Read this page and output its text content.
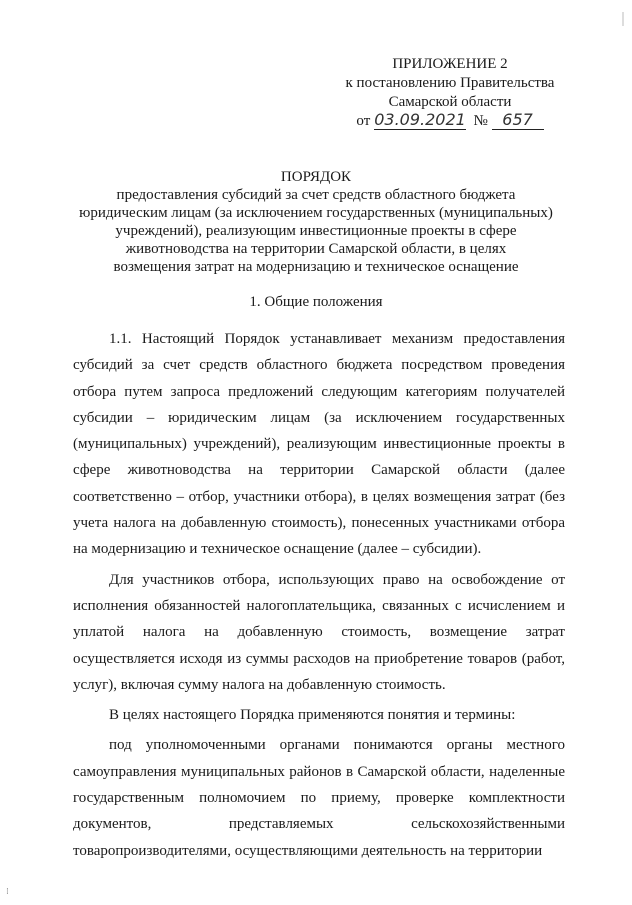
ПРИЛОЖЕНИЕ 2
к постановлению Правительства
Самарской области
от 03.09.2021 № 657
ПОРЯДОК
предоставления субсидий за счет средств областного бюджета
юридическим лицам (за исключением государственных (муниципальных)
учреждений), реализующим инвестиционные проекты в сфере
животноводства на территории Самарской области, в целях
возмещения затрат на модернизацию и техническое оснащение
1. Общие положения

1.1. Настоящий Порядок устанавливает механизм предоставления субсидий за счет средств областного бюджета посредством проведения отбора путем запроса предложений следующим категориям получателей субсидии – юридическим лицам (за исключением государственных (муниципальных) учреждений), реализующим инвестиционные проекты в сфере животноводства на территории Самарской области (далее соответственно – отбор, участники отбора), в целях возмещения затрат (без учета налога на добавленную стоимость), понесенных участниками отбора на модернизацию и техническое оснащение (далее – субсидии).

Для участников отбора, использующих право на освобождение от исполнения обязанностей налогоплательщика, связанных с исчислением и уплатой налога на добавленную стоимость, возмещение затрат осуществляется исходя из суммы расходов на приобретение товаров (работ, услуг), включая сумму налога на добавленную стоимость.

В целях настоящего Порядка применяются понятия и термины:

под уполномоченными органами понимаются органы местного самоуправления муниципальных районов в Самарской области, наделенные государственным полномочием по приему, проверке комплектности документов, представляемых сельскохозяйственными товаропроизводителями, осуществляющими деятельность на территории

⁞
